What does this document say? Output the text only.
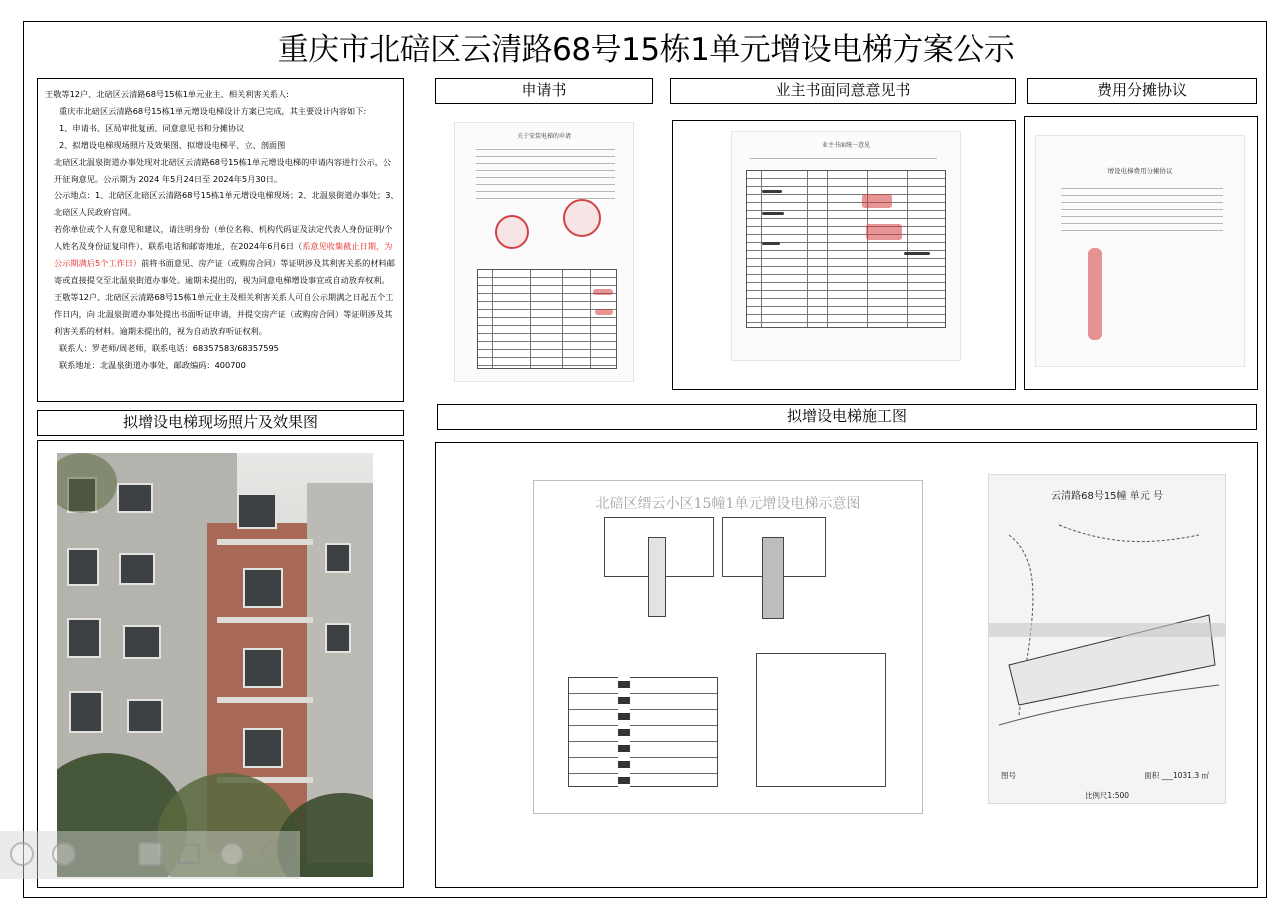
重庆市北碚区云清路68号15栋1单元增设电梯方案公示

王敬等12户、北碚区云清路68号15栋1单元业主、相关利害关系人:

重庆市北碚区云清路68号15栋1单元增设电梯设计方案已完成，其主要设计内容如下:

1、申请书、区局审批复函、同意意见书和分摊协议

2、拟增设电梯现场照片及效果图、拟增设电梯平、立、剖面图

北碚区北温泉街道办事处现对北碚区云清路68号15栋1单元增设电梯的申请内容进行公示，公开征询意见。公示期为 2024 年5月24日至 2024年5月30日。

公示地点：1、北碚区北碚区云清路68号15栋1单元增设电梯现场；2、北温泉街道办事处；3、北碚区人民政府官网。

若你单位或个人有意见和建议，请注明身份（单位名称、机构代码证及法定代表人身份证明/个人姓名及身份证复印件）、联系电话和邮寄地址，在2024年6月6日（系意见收集截止日期，为公示期满后5个工作日）前将书面意见、房产证（或购房合同）等证明涉及其利害关系的材料邮寄或直接提交至北温泉街道办事处。逾期未提出的，视为同意电梯增设事宜或自动放弃权利。

王敬等12户、北碚区云清路68号15栋1单元业主及相关利害关系人可自公示期满之日起五个工作日内，向 北温泉街道办事处提出书面听证申请，并提交房产证（或购房合同）等证明涉及其利害关系的材料。逾期未提出的，视为自动放弃听证权利。

联系人：罗老师/周老师，联系电话：68357583/68357595

联系地址：北温泉街道办事处，邮政编码：400700

申请书	业主书面同意意见书	费用分摊协议
拟增设电梯现场照片及效果图	拟增设电梯施工图
关于安装电梯的申请
业主书面统一意见
增设电梯费用分摊协议
北碚区缙云小区15幢1单元增设电梯示意图	云清路68号15幢 单元 号
图号	面积 ___1031.3 ㎡
比例尺1:500
